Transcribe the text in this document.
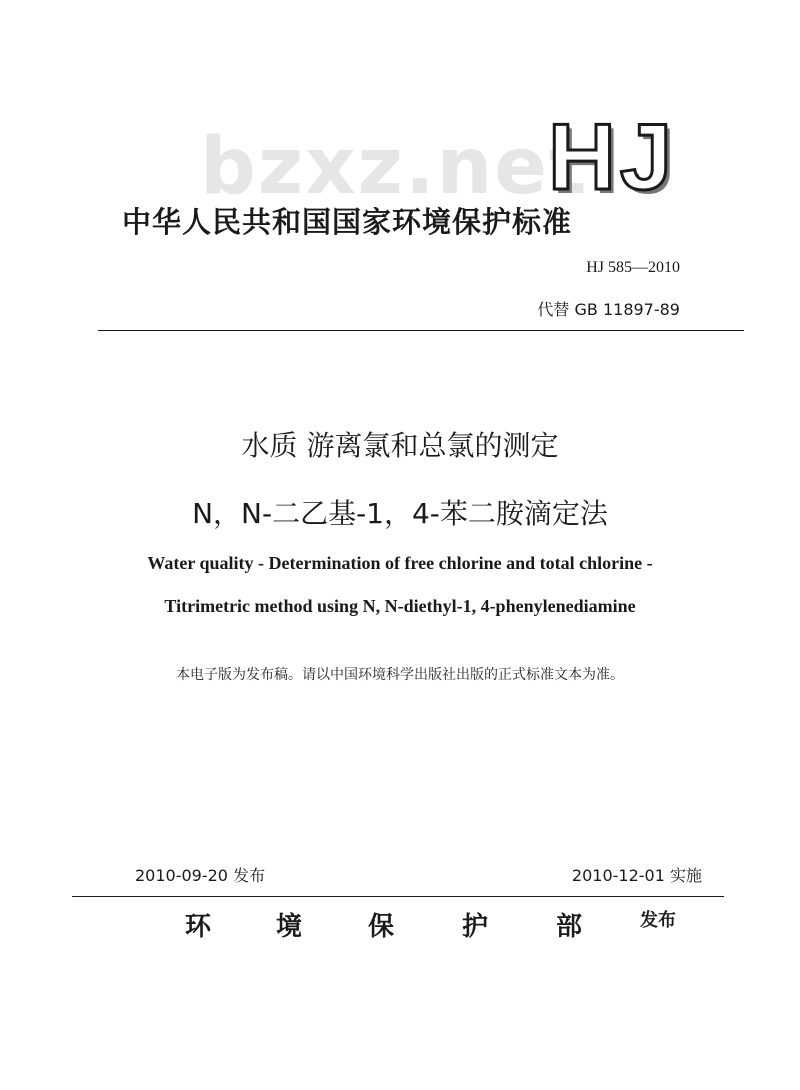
bzxz.net
HJ
中华人民共和国国家环境保护标准
HJ 585—2010
代替 GB 11897-89
水质 游离氯和总氯的测定
N，N-二乙基-1，4-苯二胺滴定法
Water quality - Determination of free chlorine and total chlorine -
Titrimetric method using N, N-diethyl-1, 4-phenylenediamine
本电子版为发布稿。请以中国环境科学出版社出版的正式标准文本为准。
2010-09-20 发布	2010-12-01 实施
环 境	保	护	部	发布
